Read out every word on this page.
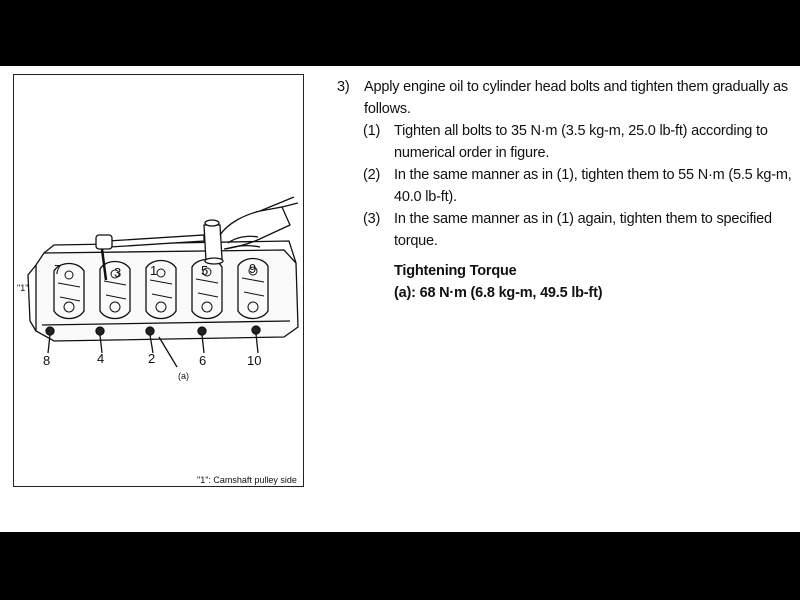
"1"
7	3 1	5	9
8	4	2	6	10
(a)
"1": Camshaft pulley side
3) Apply engine oil to cylinder head bolts and tighten them gradually as follows.
(1) Tighten all bolts to 35 N·m (3.5 kg-m, 25.0 lb-ft) according to numerical order in figure.
(2) In the same manner as in (1), tighten them to 55 N·m (5.5 kg-m, 40.0 lb-ft).
(3) In the same manner as in (1) again, tighten them to specified torque.
Tightening Torque
(a): 68 N·m (6.8 kg-m, 49.5 lb-ft)
